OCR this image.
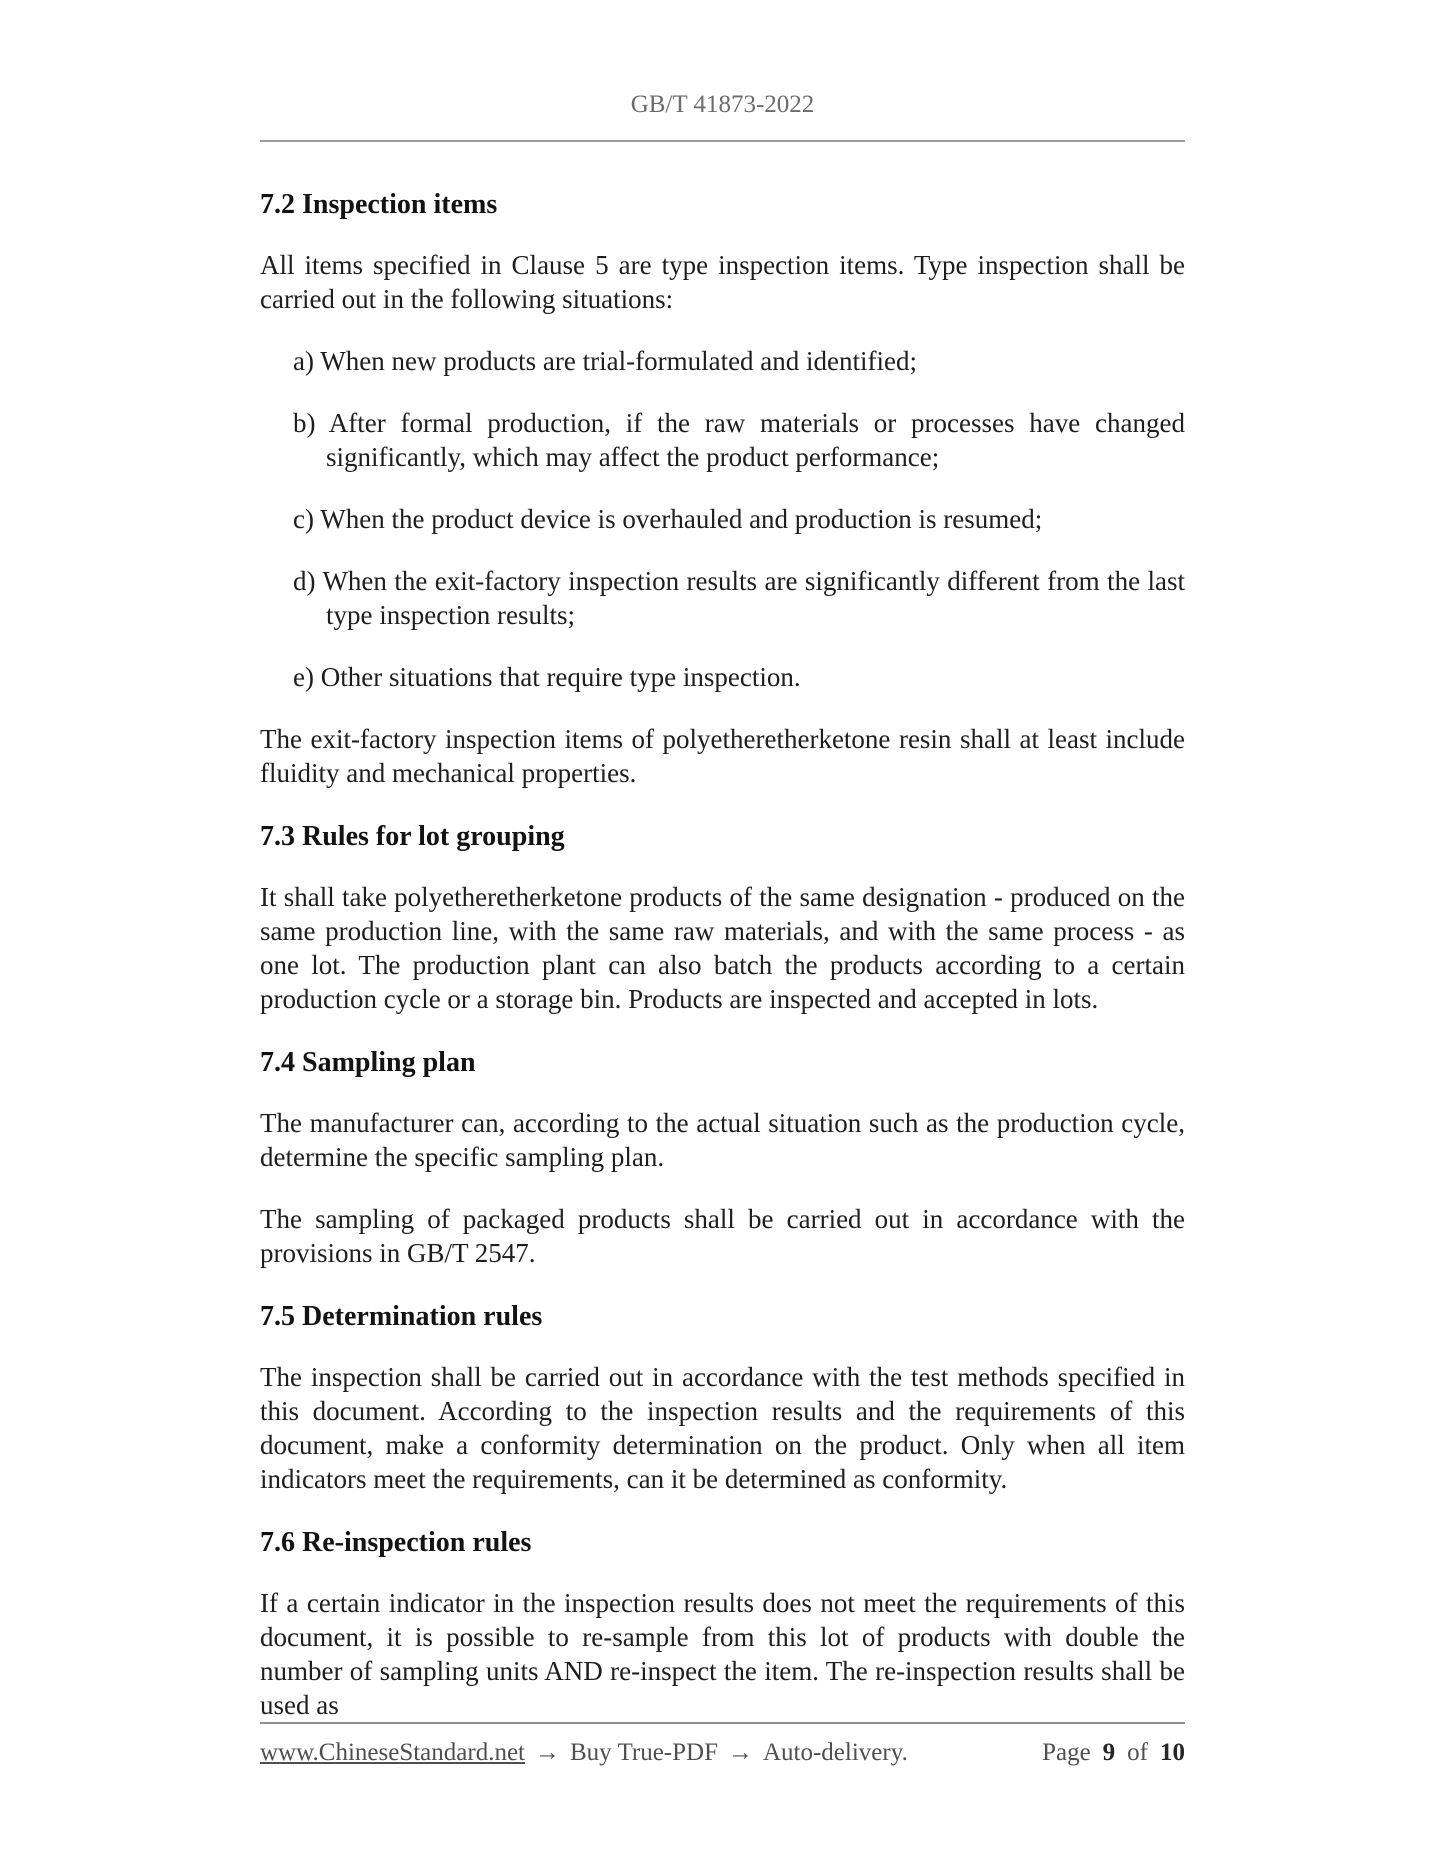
GB/T 41873-2022
7.2 Inspection items

All items specified in Clause 5 are type inspection items. Type inspection shall be carried out in the following situations:

a) When new products are trial-formulated and identified;
b) After formal production, if the raw materials or processes have changed significantly, which may affect the product performance;
c) When the product device is overhauled and production is resumed;
d) When the exit-factory inspection results are significantly different from the last type inspection results;
e) Other situations that require type inspection.

The exit-factory inspection items of polyetheretherketone resin shall at least include fluidity and mechanical properties.

7.3 Rules for lot grouping

It shall take polyetheretherketone products of the same designation - produced on the same production line, with the same raw materials, and with the same process - as one lot. The production plant can also batch the products according to a certain production cycle or a storage bin. Products are inspected and accepted in lots.

7.4 Sampling plan

The manufacturer can, according to the actual situation such as the production cycle, determine the specific sampling plan.

The sampling of packaged products shall be carried out in accordance with the provisions in GB/T 2547.

7.5 Determination rules

The inspection shall be carried out in accordance with the test methods specified in this document. According to the inspection results and the requirements of this document, make a conformity determination on the product. Only when all item indicators meet the requirements, can it be determined as conformity.

7.6 Re-inspection rules

If a certain indicator in the inspection results does not meet the requirements of this document, it is possible to re-sample from this lot of products with double the number of sampling units AND re-inspect the item. The re-inspection results shall be used as

www.ChineseStandard.net → Buy True-PDF → Auto-delivery.	Page 9 of 10
